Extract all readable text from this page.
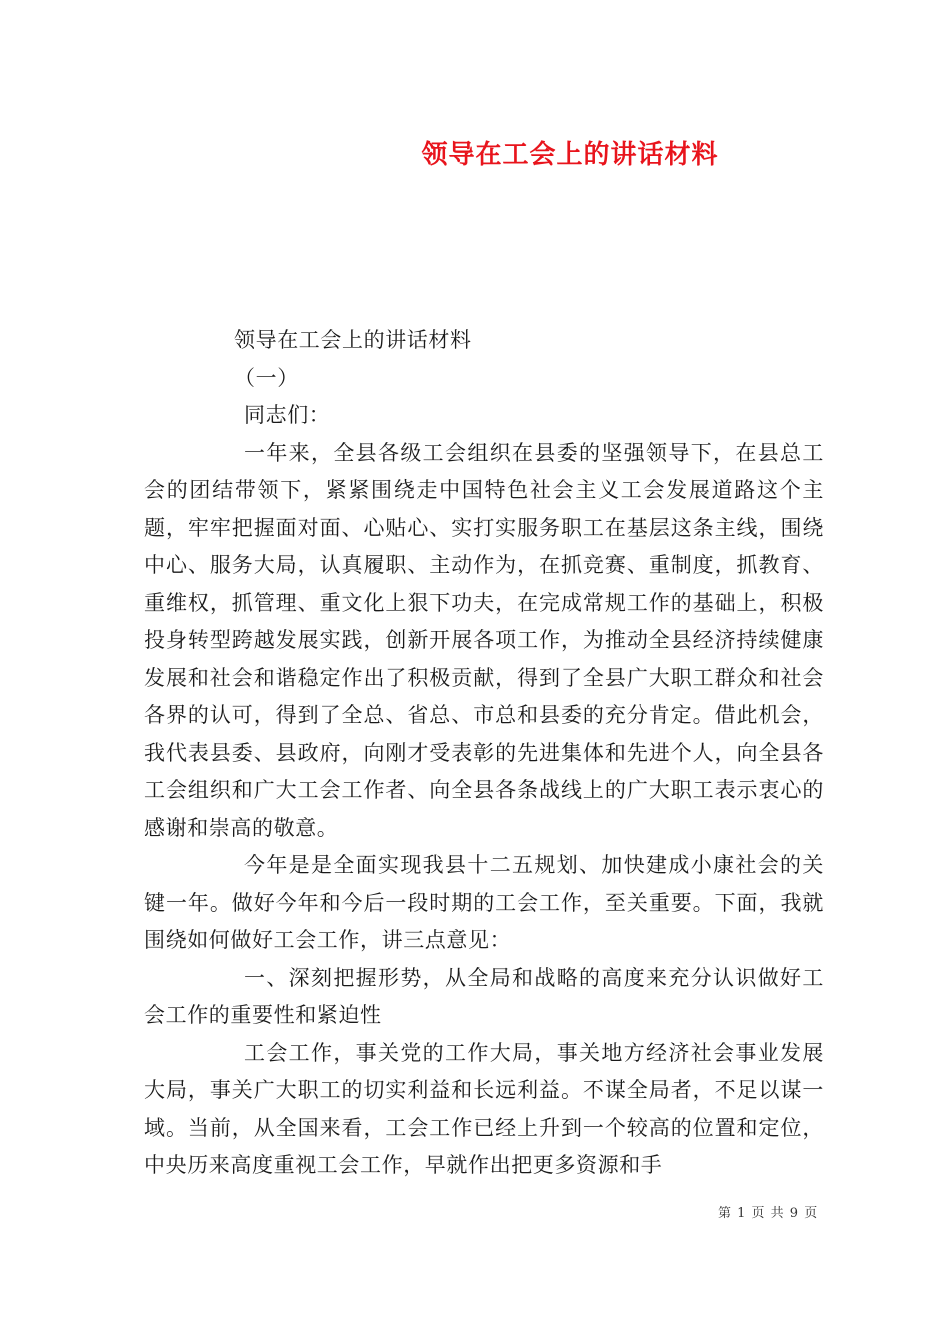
领导在工会上的讲话材料

领导在工会上的讲话材料

（一）

同志们：

一年来，全县各级工会组织在县委的坚强领导下，在县总工会的团结带领下，紧紧围绕走中国特色社会主义工会发展道路这个主题，牢牢把握面对面、心贴心、实打实服务职工在基层这条主线，围绕中心、服务大局，认真履职、主动作为，在抓竞赛、重制度，抓教育、重维权，抓管理、重文化上狠下功夫，在完成常规工作的基础上，积极投身转型跨越发展实践，创新开展各项工作，为推动全县经济持续健康发展和社会和谐稳定作出了积极贡献，得到了全县广大职工群众和社会各界的认可，得到了全总、省总、市总和县委的充分肯定。借此机会，我代表县委、县政府，向刚才受表彰的先进集体和先进个人，向全县各工会组织和广大工会工作者、向全县各条战线上的广大职工表示衷心的感谢和崇高的敬意。

今年是是全面实现我县十二五规划、加快建成小康社会的关键一年。做好今年和今后一段时期的工会工作，至关重要。下面，我就围绕如何做好工会工作，讲三点意见：

一、深刻把握形势，从全局和战略的高度来充分认识做好工会工作的重要性和紧迫性

工会工作，事关党的工作大局，事关地方经济社会事业发展大局，事关广大职工的切实利益和长远利益。不谋全局者，不足以谋一域。当前，从全国来看，工会工作已经上升到一个较高的位置和定位，中央历来高度重视工会工作，早就作出把更多资源和手

第 1 页 共 9 页
